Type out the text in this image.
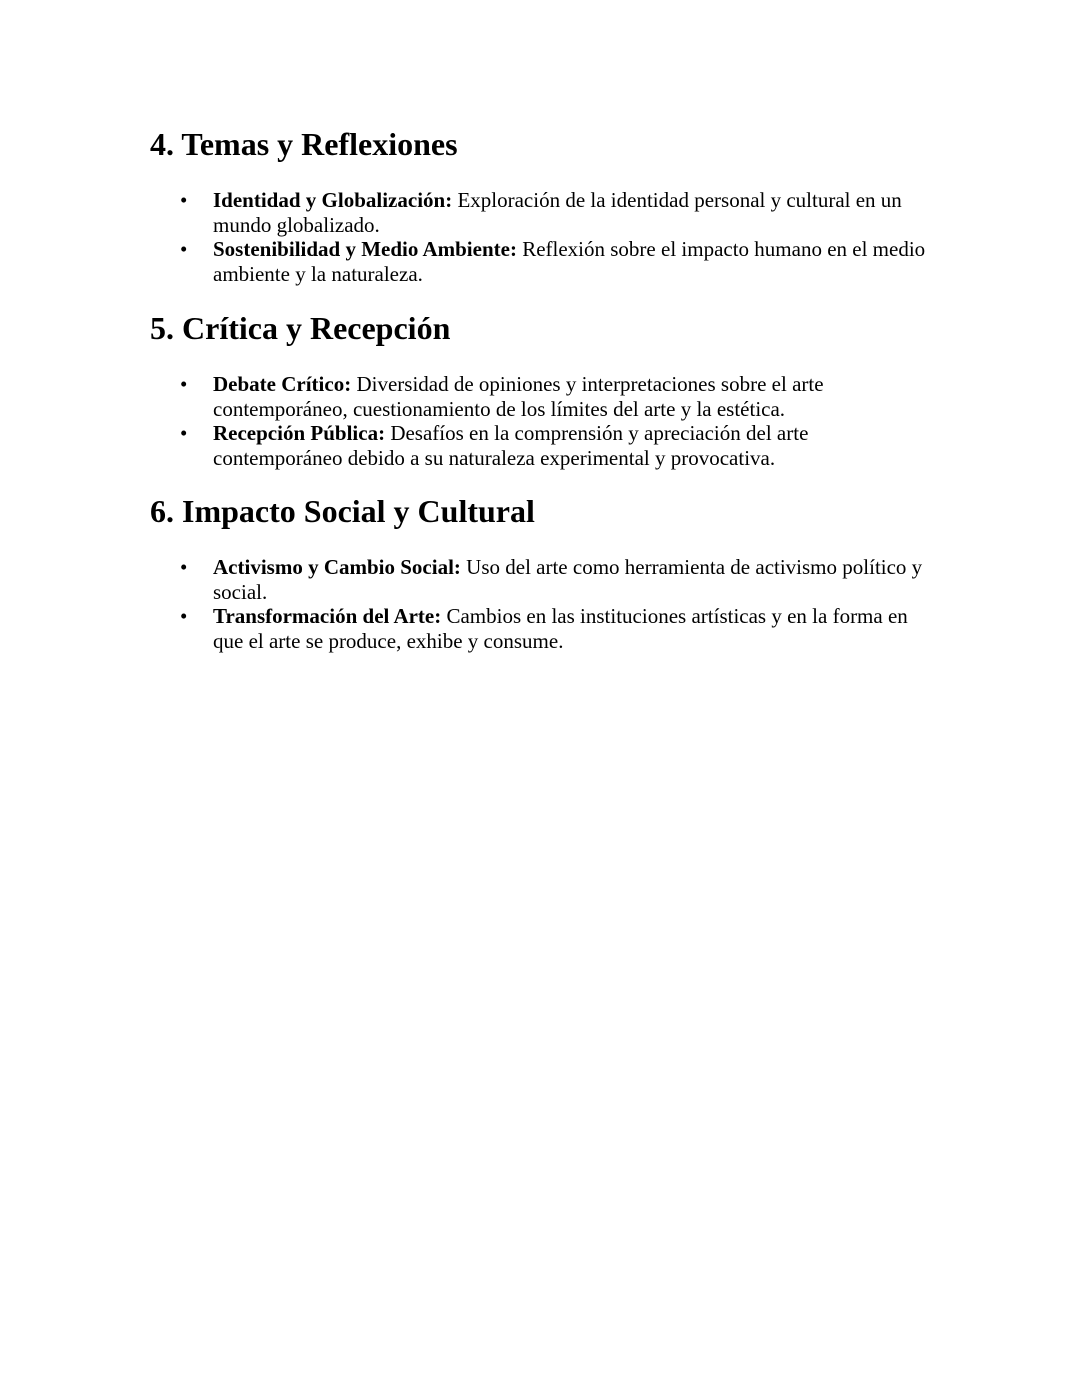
4. Temas y Reflexiones
• Identidad y Globalización: Exploración de la identidad personal y cultural en un mundo globalizado.
• Sostenibilidad y Medio Ambiente: Reflexión sobre el impacto humano en el medio ambiente y la naturaleza.
5. Crítica y Recepción
• Debate Crítico: Diversidad de opiniones y interpretaciones sobre el arte contemporáneo, cuestionamiento de los límites del arte y la estética.
• Recepción Pública: Desafíos en la comprensión y apreciación del arte contemporáneo debido a su naturaleza experimental y provocativa.
6. Impacto Social y Cultural
• Activismo y Cambio Social: Uso del arte como herramienta de activismo político y social.
• Transformación del Arte: Cambios en las instituciones artísticas y en la forma en que el arte se produce, exhibe y consume.
